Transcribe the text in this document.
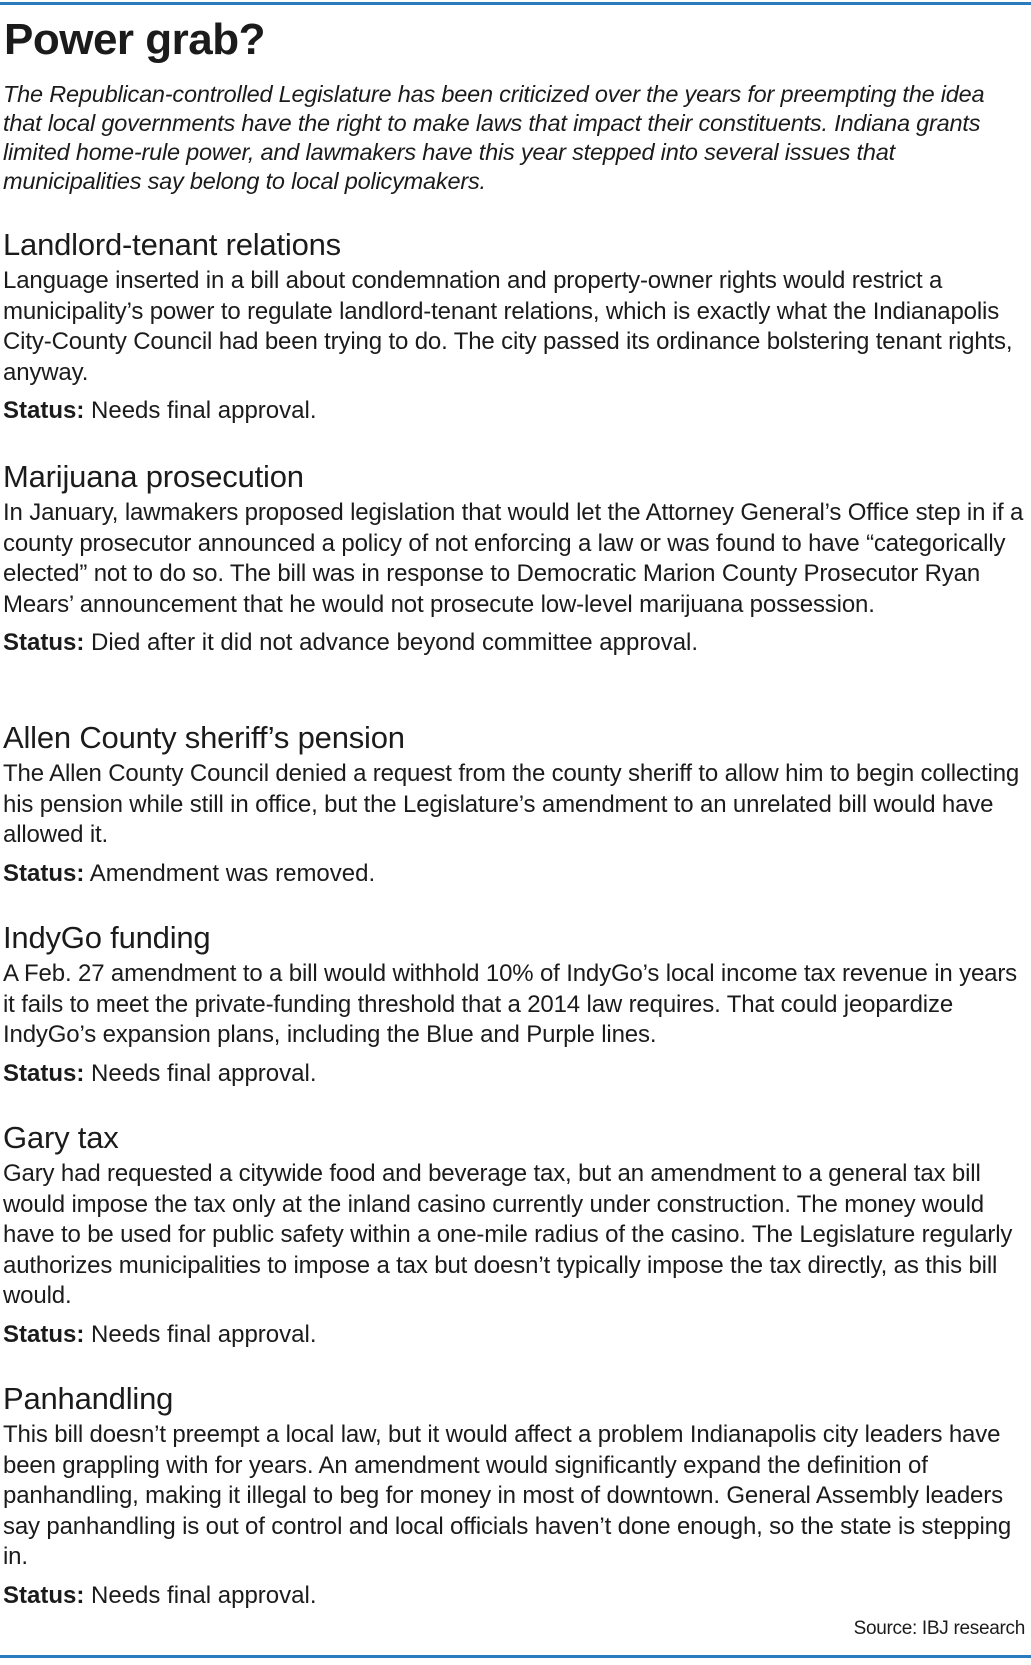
Power grab?

The Republican-controlled Legislature has been criticized over the years for preempting the idea that local governments have the right to make laws that impact their constituents. Indiana grants limited home-rule power, and lawmakers have this year stepped into several issues that municipalities say belong to local policymakers.

Landlord-tenant relations

Language inserted in a bill about condemnation and property-owner rights would restrict a municipality’s power to regulate landlord-tenant relations, which is exactly what the Indianapolis City-County Council had been trying to do. The city passed its ordinance bolstering tenant rights, anyway.

Status: Needs final approval.

Marijuana prosecution

In January, lawmakers proposed legislation that would let the Attorney General’s Office step in if a county prosecutor announced a policy of not enforcing a law or was found to have “categorically elected” not to do so. The bill was in response to Democratic Marion County Prosecutor Ryan Mears’ announcement that he would not prosecute low-level marijuana possession.

Status: Died after it did not advance beyond committee approval.

Allen County sheriff’s pension

The Allen County Council denied a request from the county sheriff to allow him to begin collecting his pension while still in office, but the Legislature’s amendment to an unrelated bill would have allowed it.

Status: Amendment was removed.

IndyGo funding

A Feb. 27 amendment to a bill would withhold 10% of IndyGo’s local income tax revenue in years it fails to meet the private-funding threshold that a 2014 law requires. That could jeopardize IndyGo’s expansion plans, including the Blue and Purple lines.

Status: Needs final approval.

Gary tax

Gary had requested a citywide food and beverage tax, but an amendment to a general tax bill would impose the tax only at the inland casino currently under construction. The money would have to be used for public safety within a one-mile radius of the casino. The Legislature regularly authorizes municipalities to impose a tax but doesn’t typically impose the tax directly, as this bill would.

Status: Needs final approval.

Panhandling

This bill doesn’t preempt a local law, but it would affect a problem Indianapolis city leaders have been grappling with for years. An amendment would significantly expand the definition of panhandling, making it illegal to beg for money in most of downtown. General Assembly leaders say panhandling is out of control and local officials haven’t done enough, so the state is stepping in.

Status: Needs final approval.

Source: IBJ research
